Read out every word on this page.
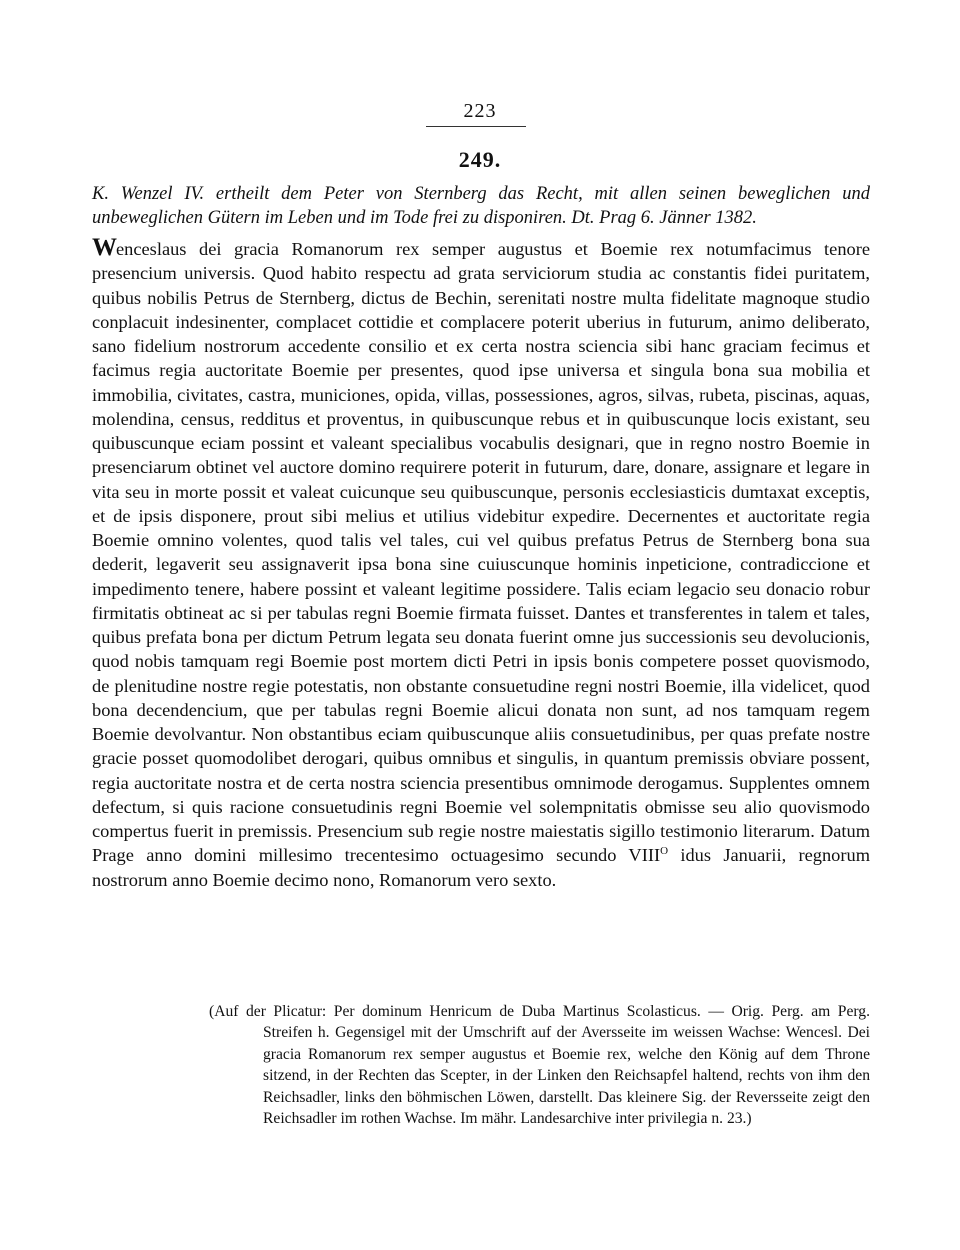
223
249.
K. Wenzel IV. ertheilt dem Peter von Sternberg das Recht, mit allen seinen beweglichen und unbeweglichen Gütern im Leben und im Tode frei zu disponiren. Dt. Prag 6. Jänner 1382.
Wenceslaus dei gracia Romanorum rex semper augustus et Boemie rex notumfacimus tenore presencium universis. Quod habito respectu ad grata serviciorum studia ac constantis fidei puritatem, quibus nobilis Petrus de Sternberg, dictus de Bechin, serenitati nostre multa fidelitate magnoque studio conplacuit indesinenter, complacet cottidie et complacere poterit uberius in futurum, animo deliberato, sano fidelium nostrorum accedente consilio et ex certa nostra sciencia sibi hanc graciam fecimus et facimus regia auctoritate Boemie per presentes, quod ipse universa et singula bona sua mobilia et immobilia, civitates, castra, municiones, opida, villas, possessiones, agros, silvas, rubeta, piscinas, aquas, molendina, census, redditus et proventus, in quibuscunque rebus et in quibuscunque locis existant, seu quibuscunque eciam possint et valeant specialibus vocabulis designari, que in regno nostro Boemie in presenciarum obtinet vel auctore domino requirere poterit in futurum, dare, donare, assignare et legare in vita seu in morte possit et valeat cuicunque seu quibuscunque, personis ecclesiasticis dumtaxat exceptis, et de ipsis disponere, prout sibi melius et utilius videbitur expedire. Decernentes et auctoritate regia Boemie omnino volentes, quod talis vel tales, cui vel quibus prefatus Petrus de Sternberg bona sua dederit, legaverit seu assignaverit ipsa bona sine cuiuscunque hominis inpeticione, contradiccione et impedimento tenere, habere possint et valeant legitime possidere. Talis eciam legacio seu donacio robur firmitatis obtineat ac si per tabulas regni Boemie firmata fuisset. Dantes et transferentes in talem et tales, quibus prefata bona per dictum Petrum legata seu donata fuerint omne jus successionis seu devolucionis, quod nobis tamquam regi Boemie post mortem dicti Petri in ipsis bonis competere posset quovismodo, de plenitudine nostre regie potestatis, non obstante consuetudine regni nostri Boemie, illa videlicet, quod bona decendencium, que per tabulas regni Boemie alicui donata non sunt, ad nos tamquam regem Boemie devolvantur. Non obstantibus eciam quibuscunque aliis consuetudinibus, per quas prefate nostre gracie posset quomodolibet derogari, quibus omnibus et singulis, in quantum premissis obviare possent, regia auctoritate nostra et de certa nostra sciencia presentibus omnimode derogamus. Supplentes omnem defectum, si quis racione consuetudinis regni Boemie vel solempnitatis obmisse seu alio quovismodo compertus fuerit in premissis. Presencium sub regie nostre maiestatis sigillo testimonio literarum. Datum Prage anno domini millesimo trecentesimo octuagesimo secundo $VIII^O$ idus Januarii, regnorum nostrorum anno Boemie decimo nono, Romanorum vero sexto.
(Auf der Plicatur: Per dominum Henricum de Duba Martinus Scolasticus. — Orig. Perg. am Perg. Streifen h. Gegensigel mit der Umschrift auf der Aversseite im weissen Wachse: Wencesl. Dei gracia Romanorum rex semper augustus et Boemie rex, welche den König auf dem Throne sitzend, in der Rechten das Scepter, in der Linken den Reichsapfel haltend, rechts von ihm den Reichsadler, links den böhmischen Löwen, darstellt. Das kleinere Sig. der Reversseite zeigt den Reichsadler im rothen Wachse. Im mähr. Landesarchive inter privilegia n. 23.)
